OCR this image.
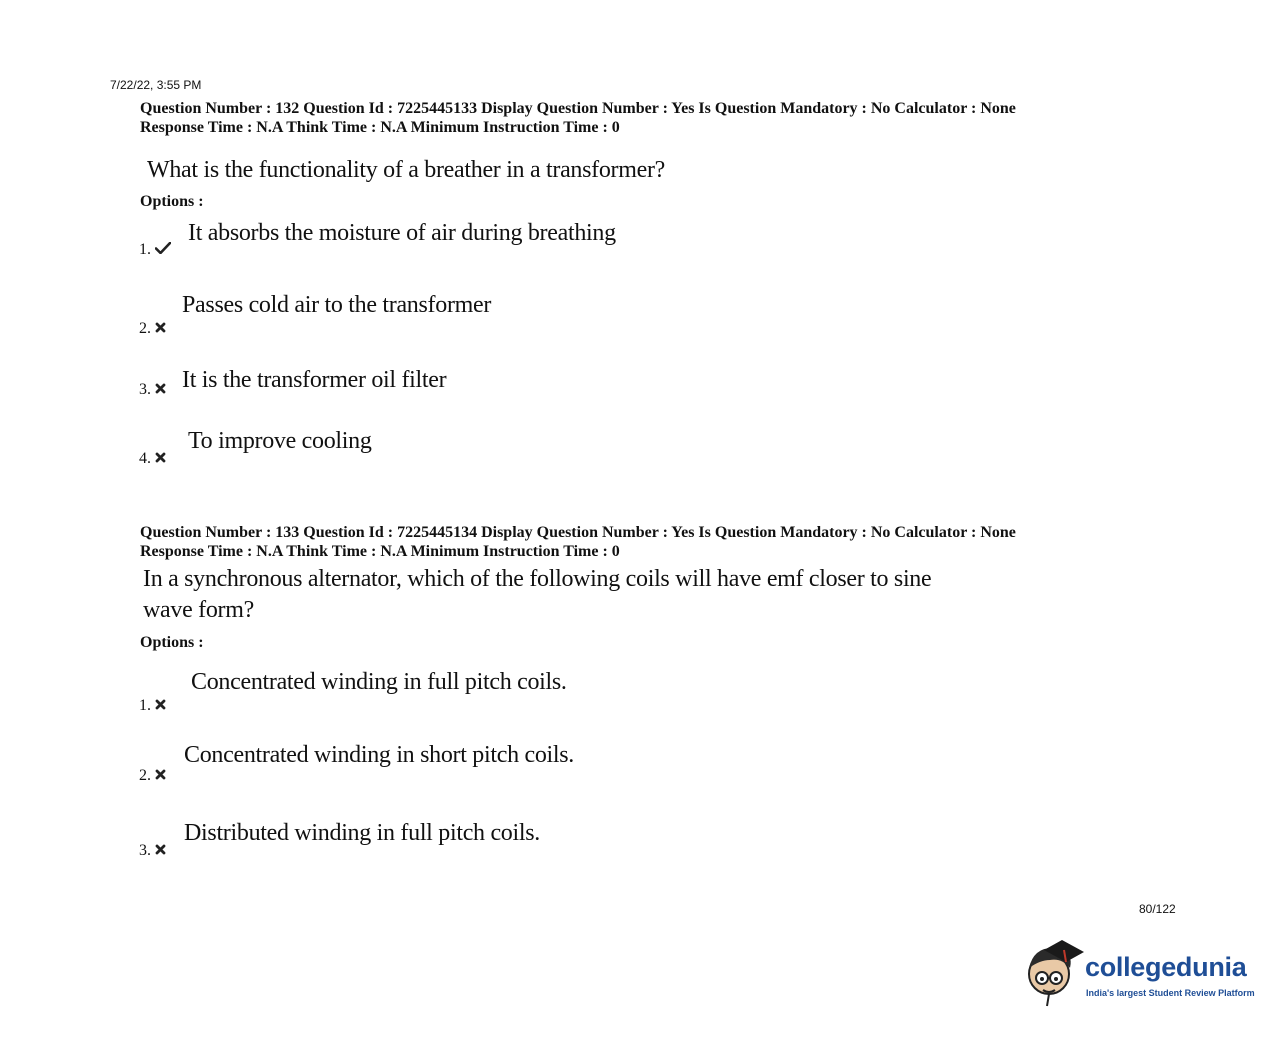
7/22/22, 3:55 PM
Question Number : 132 Question Id : 7225445133 Display Question Number : Yes Is Question Mandatory : No Calculator : None
Response Time : N.A Think Time : N.A Minimum Instruction Time : 0
What is the functionality of a breather in a transformer?
Options :
1.
It absorbs the moisture of air during breathing
2.
Passes cold air to the transformer
3.	It is the transformer oil filter
4.
To improve cooling
Question Number : 133 Question Id : 7225445134 Display Question Number : Yes Is Question Mandatory : No Calculator : None
Response Time : N.A Think Time : N.A Minimum Instruction Time : 0
In a synchronous alternator, which of the following coils will have emf closer to sine
wave form?
Options :
1.
Concentrated winding in full pitch coils.
2.
Concentrated winding in short pitch coils.
3.
Distributed winding in full pitch coils.
80/122
collegedunia
India's largest Student Review Platform
